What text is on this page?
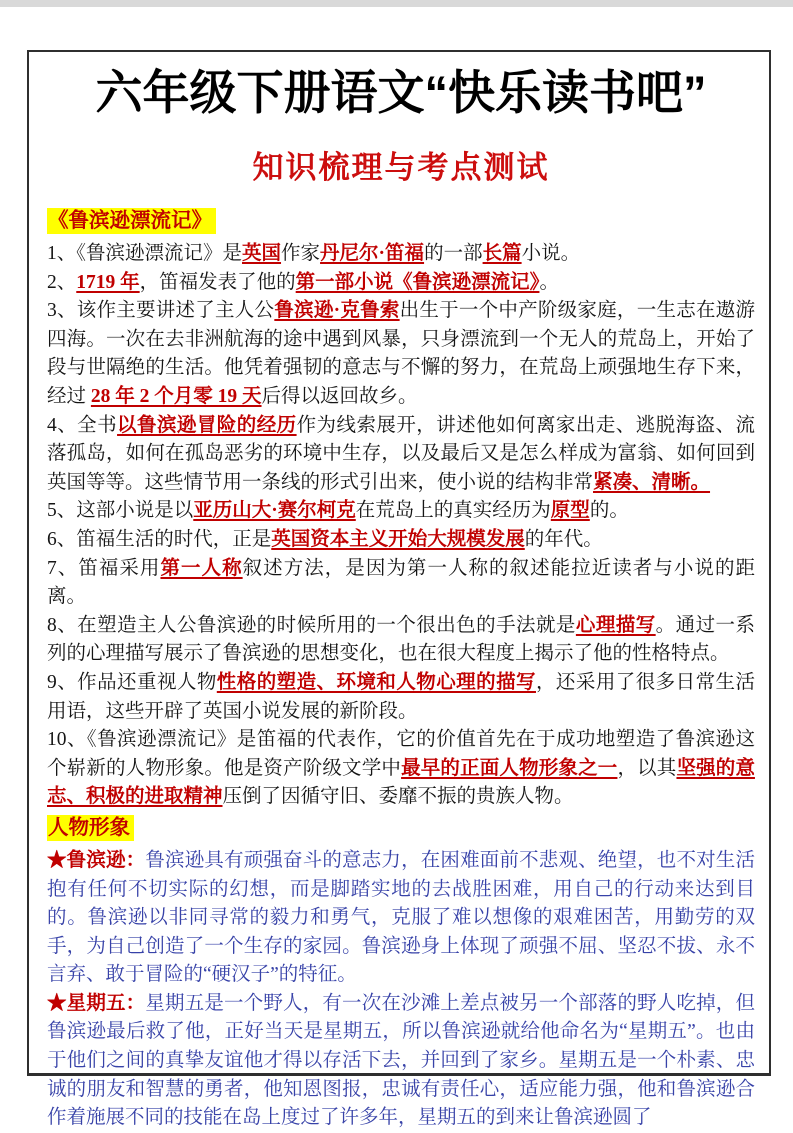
六年级下册语文“快乐读书吧”
知识梳理与考点测试
《鲁滨逊漂流记》

1、《鲁滨逊漂流记》是英国作家丹尼尔·笛福的一部长篇小说。

2、1719 年，笛福发表了他的第一部小说《鲁滨逊漂流记》。

3、该作主要讲述了主人公鲁滨逊·克鲁索出生于一个中产阶级家庭，一生志在遨游四海。一次在去非洲航海的途中遇到风暴，只身漂流到一个无人的荒岛上，开始了段与世隔绝的生活。他凭着强韧的意志与不懈的努力，在荒岛上顽强地生存下来，经过 28 年 2 个月零 19 天后得以返回故乡。

4、全书以鲁滨逊冒险的经历作为线索展开，讲述他如何离家出走、逃脱海盗、流落孤岛，如何在孤岛恶劣的环境中生存，以及最后又是怎么样成为富翁、如何回到英国等等。这些情节用一条线的形式引出来，使小说的结构非常紧凑、清晰。

5、这部小说是以亚历山大·赛尔柯克在荒岛上的真实经历为原型的。

6、笛福生活的时代，正是英国资本主义开始大规模发展的年代。

7、笛福采用第一人称叙述方法，是因为第一人称的叙述能拉近读者与小说的距离。

8、在塑造主人公鲁滨逊的时候所用的一个很出色的手法就是心理描写。通过一系列的心理描写展示了鲁滨逊的思想变化，也在很大程度上揭示了他的性格特点。

9、作品还重视人物性格的塑造、环境和人物心理的描写，还采用了很多日常生活用语，这些开辟了英国小说发展的新阶段。

10、《鲁滨逊漂流记》是笛福的代表作，它的价值首先在于成功地塑造了鲁滨逊这个崭新的人物形象。他是资产阶级文学中最早的正面人物形象之一，以其坚强的意志、积极的进取精神压倒了因循守旧、委靡不振的贵族人物。

人物形象

★鲁滨逊：鲁滨逊具有顽强奋斗的意志力，在困难面前不悲观、绝望，也不对生活抱有任何不切实际的幻想，而是脚踏实地的去战胜困难，用自己的行动来达到目的。鲁滨逊以非同寻常的毅力和勇气，克服了难以想像的艰难困苦，用勤劳的双手，为自己创造了一个生存的家园。鲁滨逊身上体现了顽强不屈、坚忍不拔、永不言弃、敢于冒险的“硬汉子”的特征。

★星期五：星期五是一个野人，有一次在沙滩上差点被另一个部落的野人吃掉，但鲁滨逊最后救了他，正好当天是星期五，所以鲁滨逊就给他命名为“星期五”。也由于他们之间的真挚友谊他才得以存活下去，并回到了家乡。星期五是一个朴素、忠诚的朋友和智慧的勇者，他知恩图报，忠诚有责任心，适应能力强，他和鲁滨逊合作着施展不同的技能在岛上度过了许多年，星期五的到来让鲁滨逊圆了
